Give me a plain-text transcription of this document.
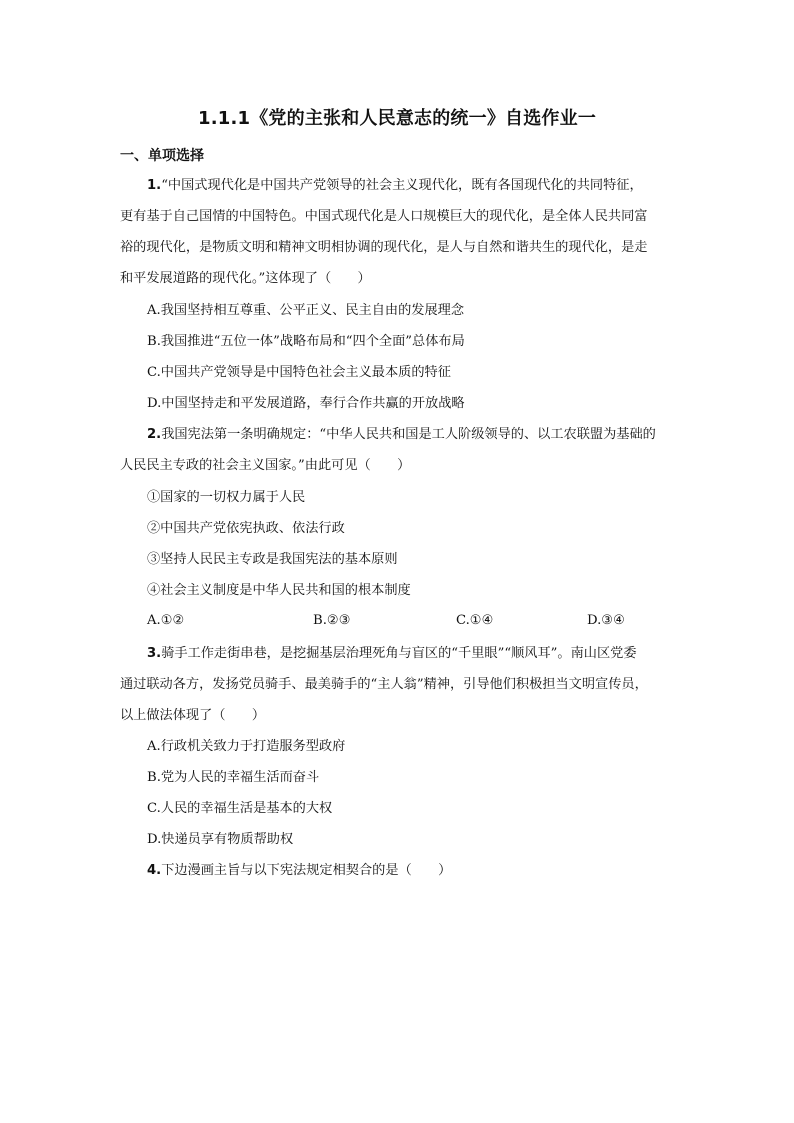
1.1.1《党的主张和人民意志的统一》自选作业一
一、单项选择
1.“中国式现代化是中国共产党领导的社会主义现代化，既有各国现代化的共同特征，
更有基于自己国情的中国特色。中国式现代化是人口规模巨大的现代化，是全体人民共同富
裕的现代化，是物质文明和精神文明相协调的现代化，是人与自然和谐共生的现代化，是走
和平发展道路的现代化。”这体现了（　　）
A.我国坚持相互尊重、公平正义、民主自由的发展理念
B.我国推进“五位一体”战略布局和“四个全面”总体布局
C.中国共产党领导是中国特色社会主义最本质的特征
D.中国坚持走和平发展道路，奉行合作共赢的开放战略
2.我国宪法第一条明确规定：“中华人民共和国是工人阶级领导的、以工农联盟为基础的
人民民主专政的社会主义国家。”由此可见（　　）
①国家的一切权力属于人民
②中国共产党依宪执政、依法行政
③坚持人民民主专政是我国宪法的基本原则
④社会主义制度是中华人民共和国的根本制度
A.①②	B.②③	C.①④	D.③④
3.骑手工作走街串巷，是挖掘基层治理死角与盲区的“千里眼”“顺风耳”。南山区党委
通过联动各方，发扬党员骑手、最美骑手的“主人翁”精神，引导他们积极担当文明宣传员，
以上做法体现了（　　）
A.行政机关致力于打造服务型政府
B.党为人民的幸福生活而奋斗
C.人民的幸福生活是基本的大权
D.快递员享有物质帮助权
4.下边漫画主旨与以下宪法规定相契合的是（　　）
